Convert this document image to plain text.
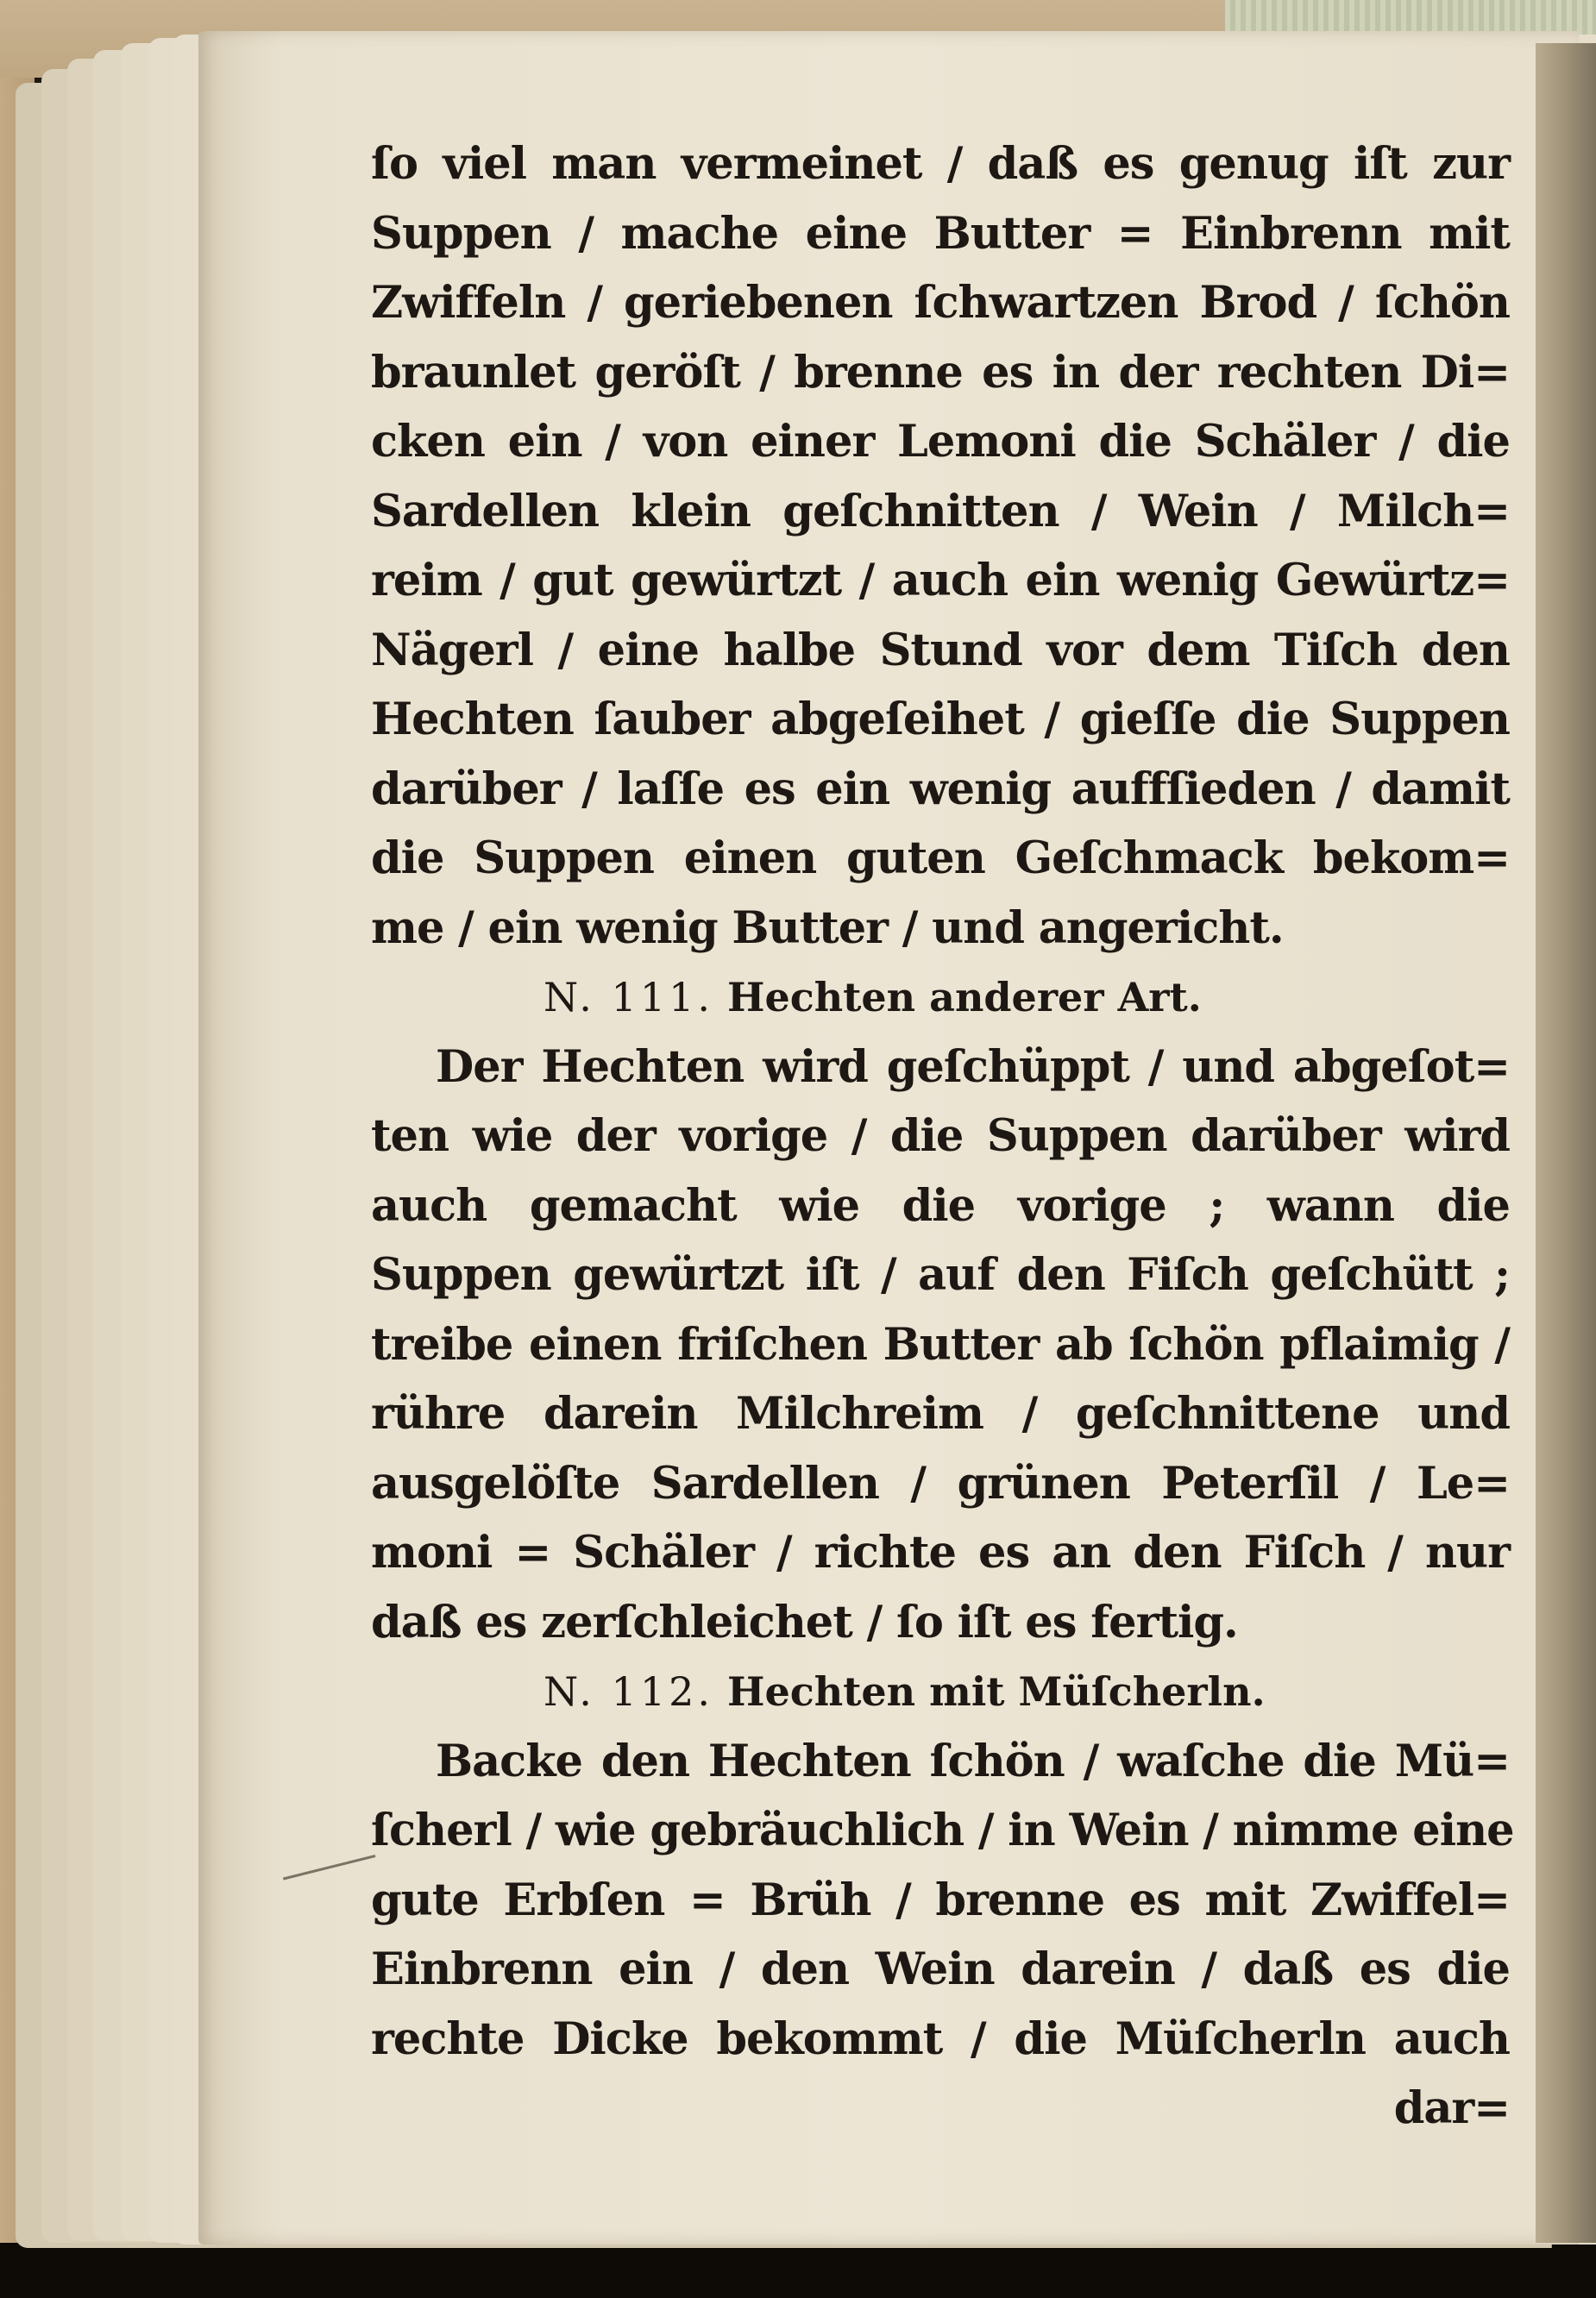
ſo viel man vermeinet / daß es genug iſt zur
Suppen / mache eine Butter = Einbrenn mit
Zwiffeln / geriebenen ſchwartzen Brod / ſchön
braunlet geröſt / brenne es in der rechten Di=
cken ein / von einer Lemoni die Schäler / die
Sardellen klein geſchnitten / Wein / Milch=
reim / gut gewürtzt / auch ein wenig Gewürtz=
Nägerl / eine halbe Stund vor dem Tiſch den
Hechten ſauber abgeſeihet / gieſſe die Suppen
darüber / laſſe es ein wenig auffſieden / damit
die Suppen einen guten Geſchmack bekom=
me / ein wenig Butter / und angericht.
N. 111. Hechten anderer Art.
Der Hechten wird geſchüppt / und abgeſot=
ten wie der vorige / die Suppen darüber wird
auch gemacht wie die vorige ; wann die
Suppen gewürtzt iſt / auf den Fiſch geſchütt ;
treibe einen friſchen Butter ab ſchön pflaimig /
rühre darein Milchreim / geſchnittene und
ausgelöſte Sardellen / grünen Peterſil / Le=
moni = Schäler / richte es an den Fiſch / nur
daß es zerſchleichet / ſo iſt es fertig.
N. 112. Hechten mit Müſcherln.
Backe den Hechten ſchön / waſche die Mü=
ſcherl / wie gebräuchlich / in Wein / nimme eine
gute Erbſen = Brüh / brenne es mit Zwiffel=
Einbrenn ein / den Wein darein / daß es die
rechte Dicke bekommt / die Müſcherln auch
dar=
